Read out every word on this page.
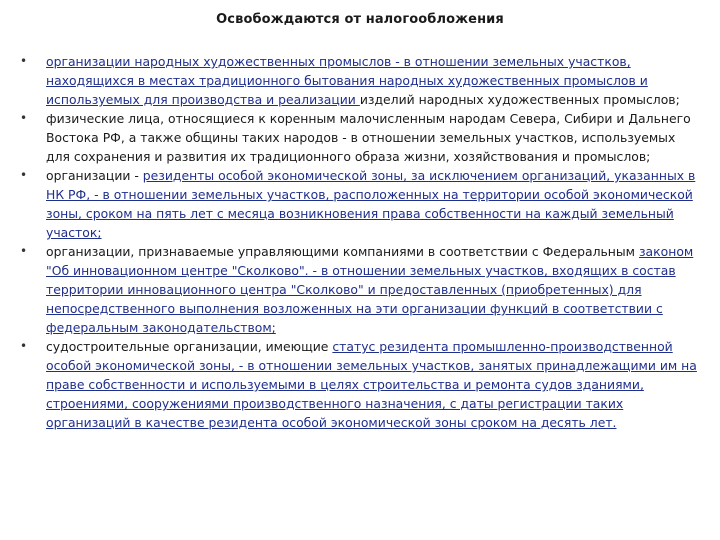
Освобождаются от налогообложения
• организации народных художественных промыслов - в отношении земельных участков, находящихся в местах традиционного бытования народных художественных промыслов и используемых для производства и реализации изделий народных художественных промыслов;
• физические лица, относящиеся к коренным малочисленным народам Севера, Сибири и Дальнего Востока РФ, а также общины таких народов - в отношении земельных участков, используемых для сохранения и развития их традиционного образа жизни, хозяйствования и промыслов;
• организации - резиденты особой экономической зоны, за исключением организаций, указанных в НК РФ, - в отношении земельных участков, расположенных на территории особой экономической зоны, сроком на пять лет с месяца возникновения права собственности на каждый земельный участок;
• организации, признаваемые управляющими компаниями в соответствии с Федеральным законом "Об инновационном центре "Сколково". - в отношении земельных участков, входящих в состав территории инновационного центра "Сколково" и предоставленных (приобретенных) для непосредственного выполнения возложенных на эти организации функций в соответствии с федеральным законодательством;
• судостроительные организации, имеющие статус резидента промышленно-производственной особой экономической зоны, - в отношении земельных участков, занятых принадлежащими им на праве собственности и используемыми в целях строительства и ремонта судов зданиями, строениями, сооружениями производственного назначения, с даты регистрации таких организаций в качестве резидента особой экономической зоны сроком на десять лет.
